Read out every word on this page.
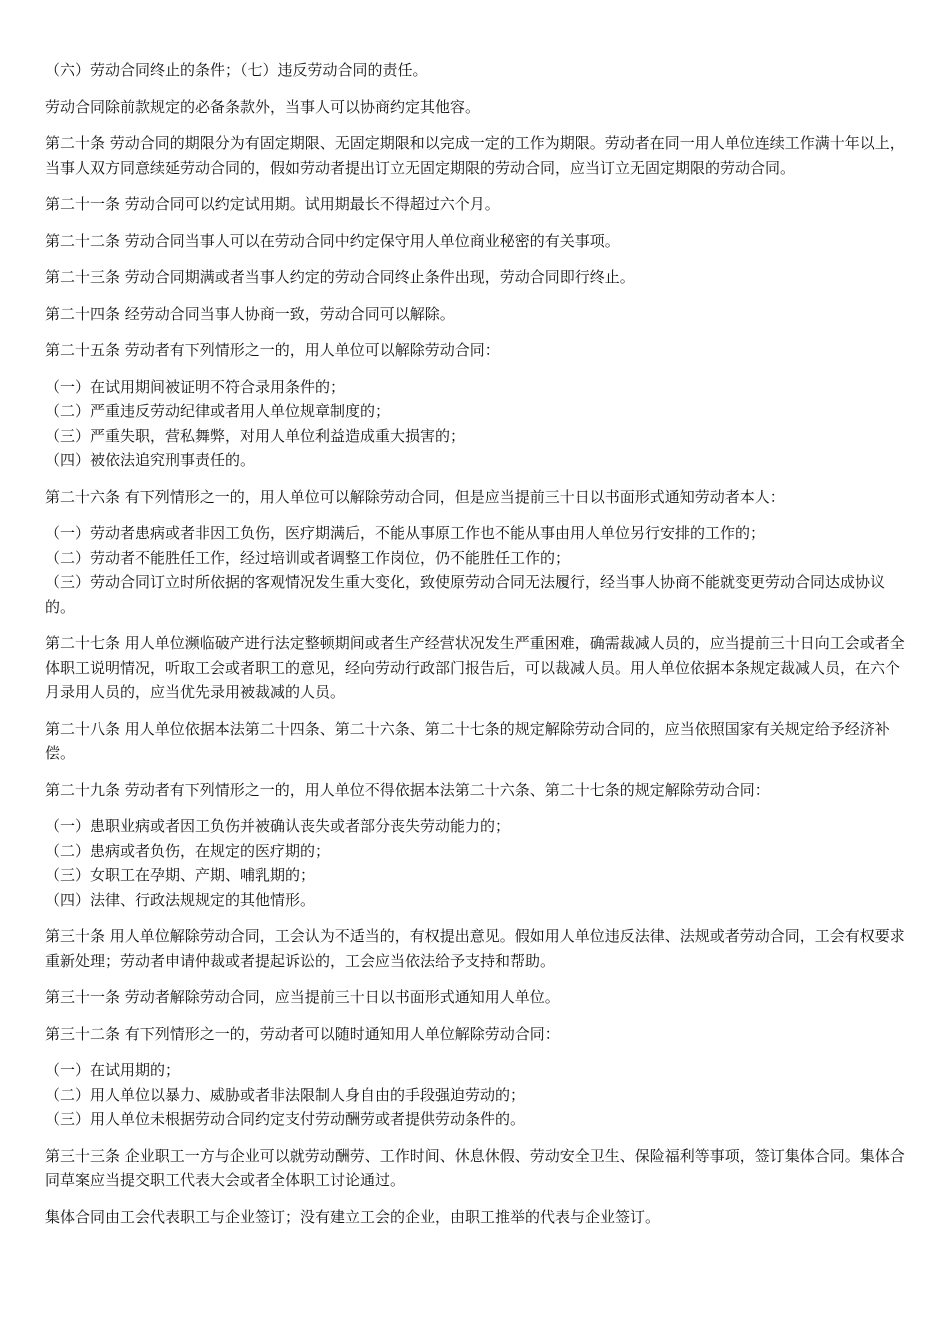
（六）劳动合同终止的条件；（七）违反劳动合同的责任。

劳动合同除前款规定的必备条款外，当事人可以协商约定其他容。

第二十条 劳动合同的期限分为有固定期限、无固定期限和以完成一定的工作为期限。劳动者在同一用人单位连续工作满十年以上，当事人双方同意续延劳动合同的，假如劳动者提出订立无固定期限的劳动合同，应当订立无固定期限的劳动合同。

第二十一条 劳动合同可以约定试用期。试用期最长不得超过六个月。

第二十二条 劳动合同当事人可以在劳动合同中约定保守用人单位商业秘密的有关事项。

第二十三条 劳动合同期满或者当事人约定的劳动合同终止条件出现，劳动合同即行终止。

第二十四条 经劳动合同当事人协商一致，劳动合同可以解除。

第二十五条 劳动者有下列情形之一的，用人单位可以解除劳动合同：

（一）在试用期间被证明不符合录用条件的；
（二）严重违反劳动纪律或者用人单位规章制度的；
（三）严重失职，营私舞弊，对用人单位利益造成重大损害的；
（四）被依法追究刑事责任的。

第二十六条 有下列情形之一的，用人单位可以解除劳动合同，但是应当提前三十日以书面形式通知劳动者本人：

（一）劳动者患病或者非因工负伤，医疗期满后，不能从事原工作也不能从事由用人单位另行安排的工作的；
（二）劳动者不能胜任工作，经过培训或者调整工作岗位，仍不能胜任工作的；
（三）劳动合同订立时所依据的客观情况发生重大变化，致使原劳动合同无法履行，经当事人协商不能就变更劳动合同达成协议的。

第二十七条 用人单位濒临破产进行法定整顿期间或者生产经营状况发生严重困难，确需裁减人员的，应当提前三十日向工会或者全体职工说明情况，听取工会或者职工的意见，经向劳动行政部门报告后，可以裁减人员。用人单位依据本条规定裁减人员，在六个月录用人员的，应当优先录用被裁减的人员。

第二十八条 用人单位依据本法第二十四条、第二十六条、第二十七条的规定解除劳动合同的，应当依照国家有关规定给予经济补偿。

第二十九条 劳动者有下列情形之一的，用人单位不得依据本法第二十六条、第二十七条的规定解除劳动合同：

（一）患职业病或者因工负伤并被确认丧失或者部分丧失劳动能力的；
（二）患病或者负伤，在规定的医疗期的；
（三）女职工在孕期、产期、哺乳期的；
（四）法律、行政法规规定的其他情形。

第三十条 用人单位解除劳动合同，工会认为不适当的，有权提出意见。假如用人单位违反法律、法规或者劳动合同，工会有权要求重新处理；劳动者申请仲裁或者提起诉讼的，工会应当依法给予支持和帮助。

第三十一条 劳动者解除劳动合同，应当提前三十日以书面形式通知用人单位。

第三十二条 有下列情形之一的，劳动者可以随时通知用人单位解除劳动合同：

（一）在试用期的；
（二）用人单位以暴力、威胁或者非法限制人身自由的手段强迫劳动的；
（三）用人单位未根据劳动合同约定支付劳动酬劳或者提供劳动条件的。

第三十三条 企业职工一方与企业可以就劳动酬劳、工作时间、休息休假、劳动安全卫生、保险福利等事项，签订集体合同。集体合同草案应当提交职工代表大会或者全体职工讨论通过。

集体合同由工会代表职工与企业签订；没有建立工会的企业，由职工推举的代表与企业签订。
